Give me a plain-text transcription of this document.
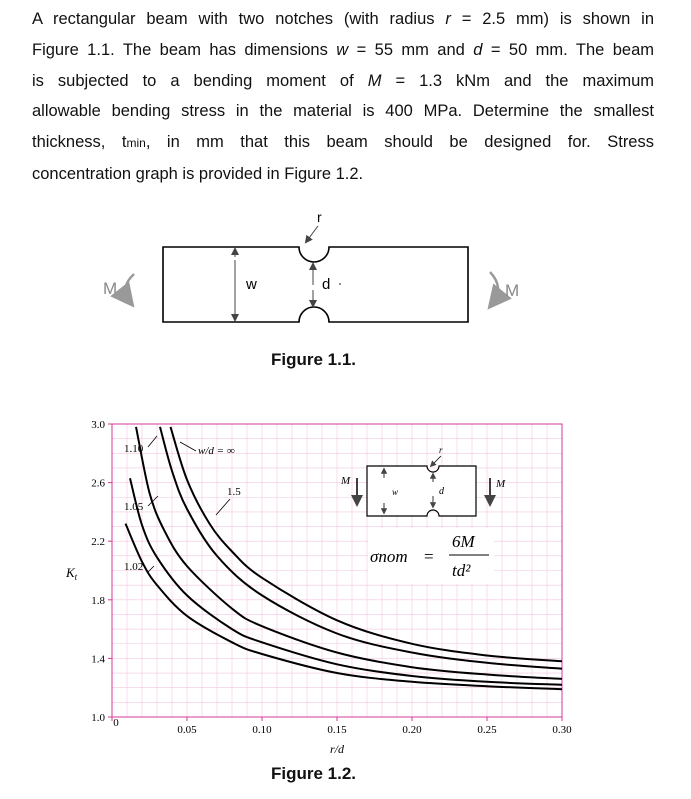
A rectangular beam with two notches (with radius r = 2.5 mm) is shown in
Figure 1.1. The beam has dimensions w = 55 mm and d = 50 mm. The beam
is subjected to a bending moment of M = 1.3 kNm and the maximum
allowable bending stress in the material is 400 MPa. Determine the smallest
thickness, tmin, in mm that this beam should be designed for. Stress
concentration graph is provided in Figure 1.2.
w	d
r
M	M
Figure 1.1.
1.0
1.4
1.8
2.2
2.6
3.0
0
0.05	0.10	0.15	0.20	0.25	0.30
$K_t$
r/d
1.02
1.05
1.10
1.5
w/d = ∞
w	d
r
M	M
σnom =
6M
td²
Figure 1.2.
